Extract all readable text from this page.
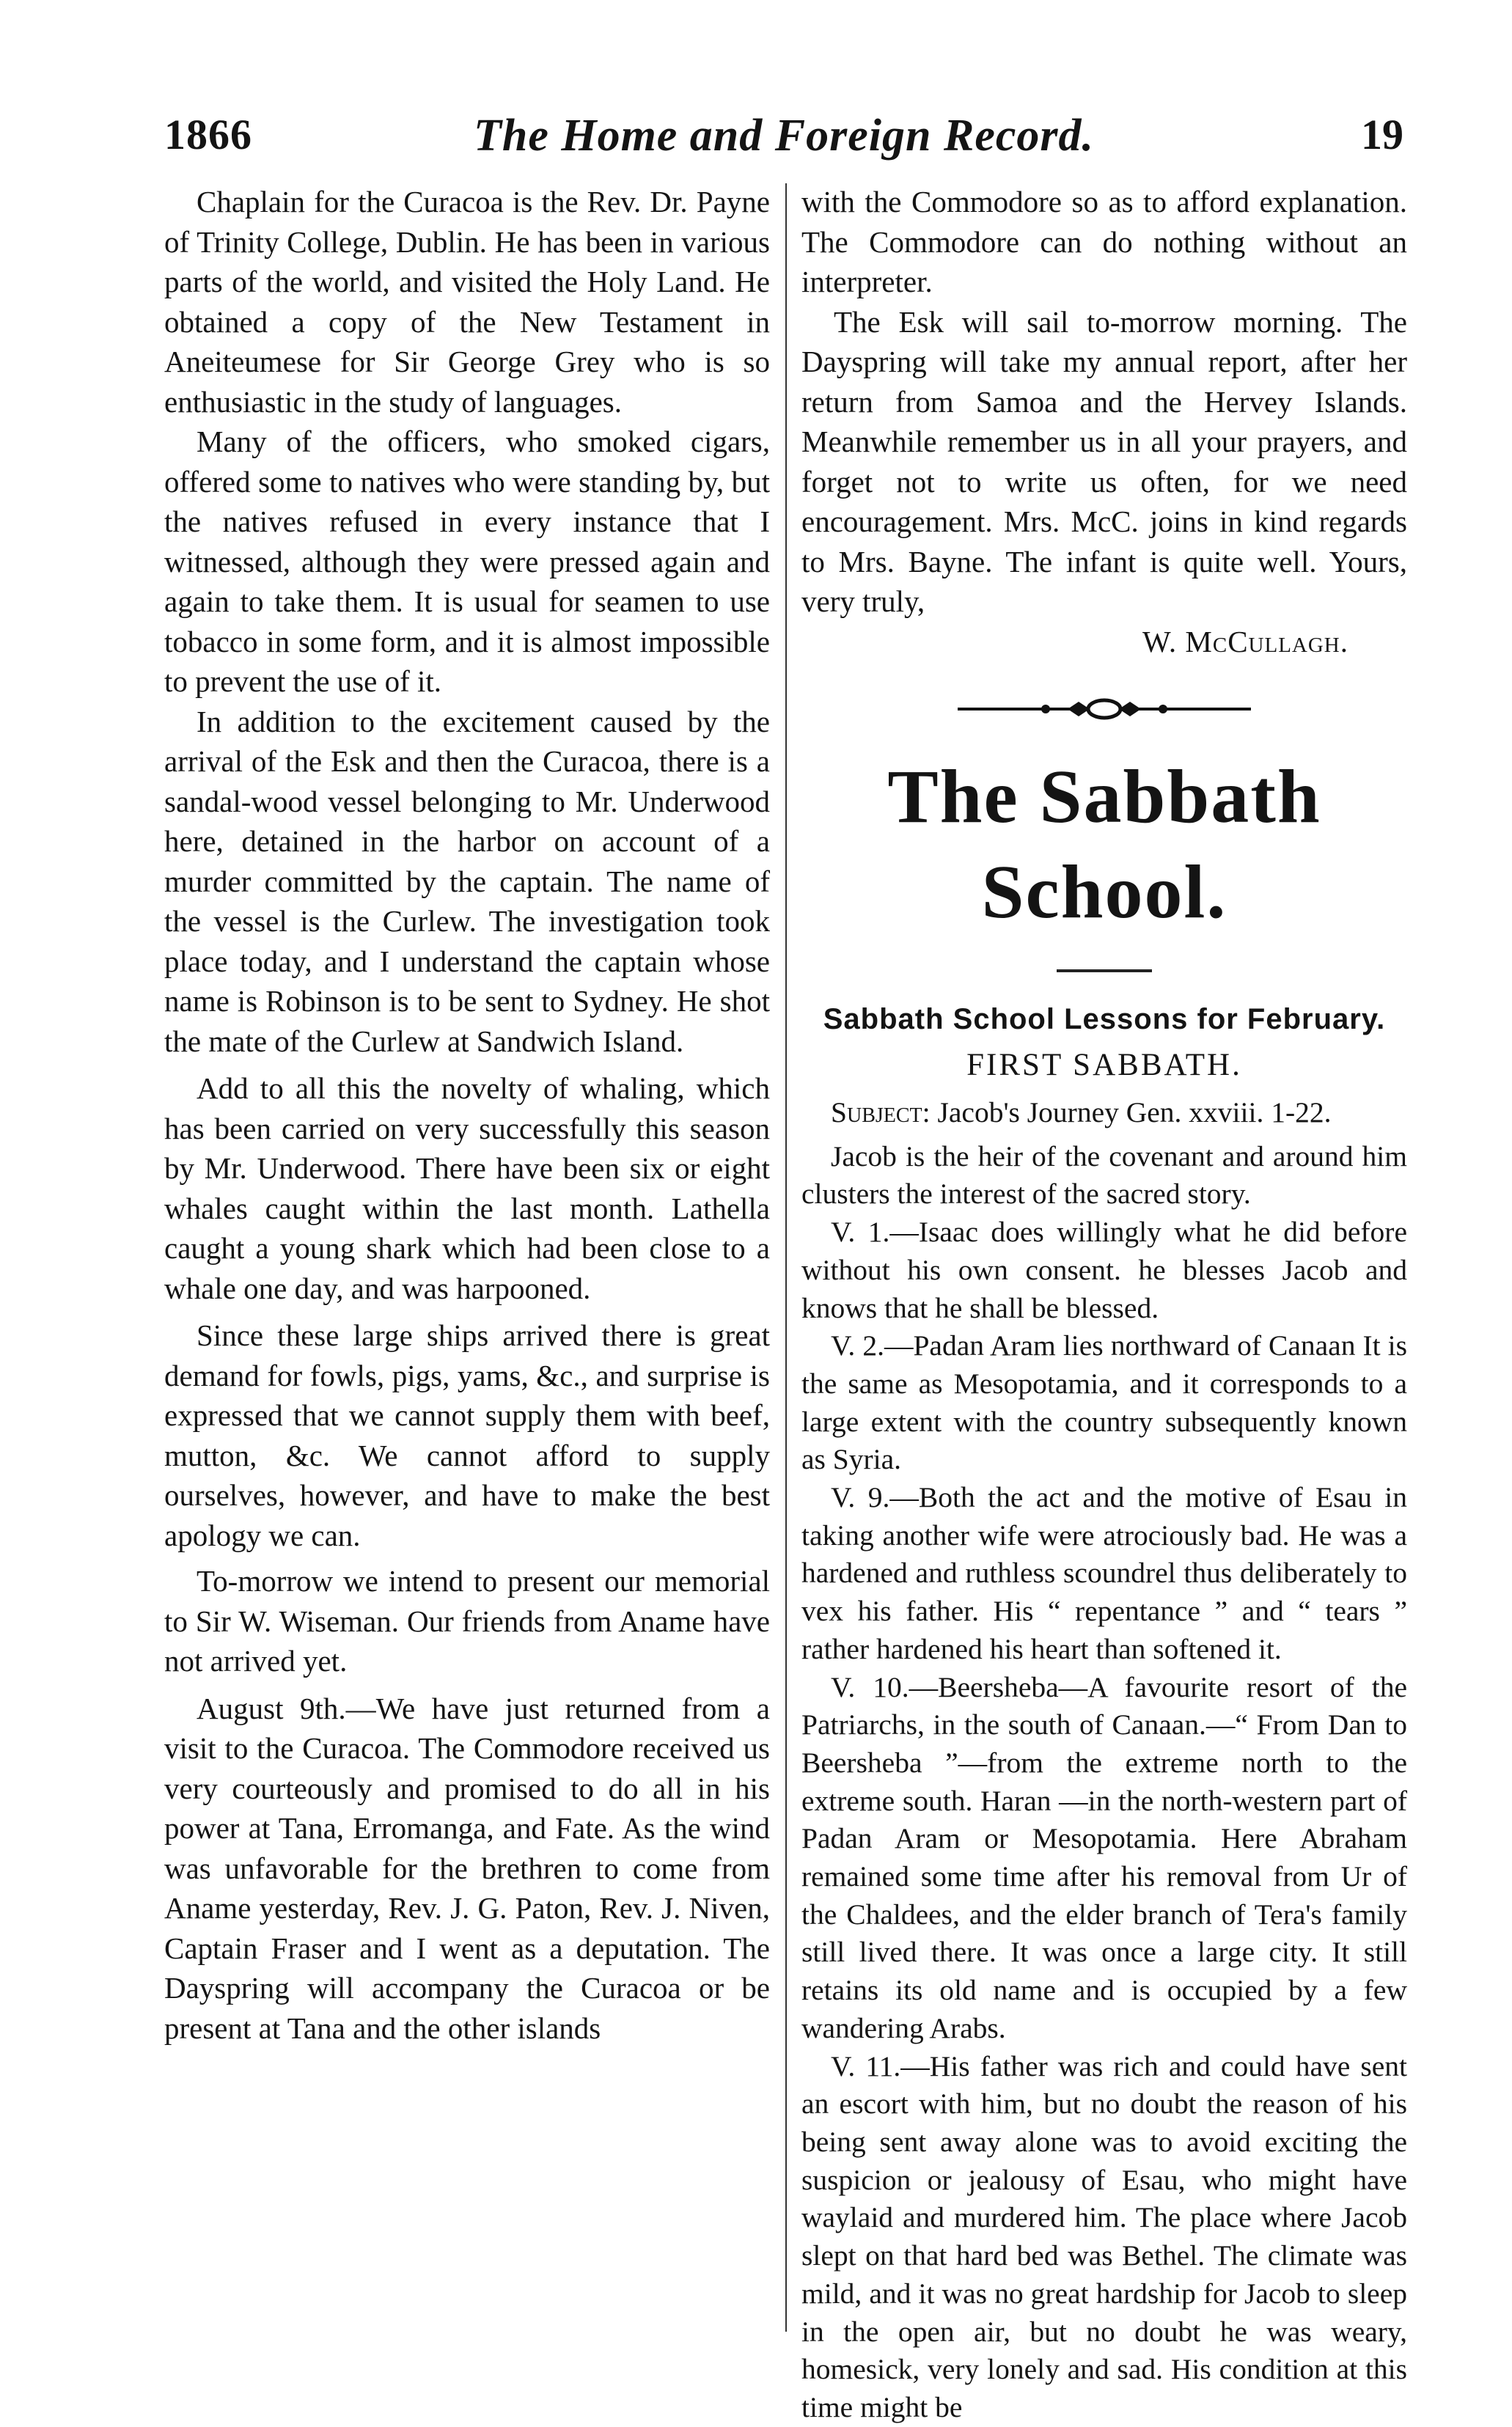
1866	The Home and Foreign Record.	19

Chaplain for the Curacoa is the Rev. Dr. Payne of Trinity College, Dublin. He has been in various parts of the world, and visited the Holy Land. He obtained a copy of the New Testament in Aneiteumese for Sir George Grey who is so enthusiastic in the study of languages.

Many of the officers, who smoked cigars, offered some to natives who were standing by, but the natives refused in every instance that I witnessed, although they were pressed again and again to take them. It is usual for seamen to use tobacco in some form, and it is almost impossible to prevent the use of it.

In addition to the excitement caused by the arrival of the Esk and then the Curacoa, there is a sandal-wood vessel belonging to Mr. Underwood here, detained in the harbor on account of a murder committed by the captain. The name of the vessel is the Curlew. The investigation took place today, and I understand the captain whose name is Robinson is to be sent to Sydney. He shot the mate of the Curlew at Sandwich Island.

Add to all this the novelty of whaling, which has been carried on very successfully this season by Mr. Underwood. There have been six or eight whales caught within the last month. Lathella caught a young shark which had been close to a whale one day, and was harpooned.

Since these large ships arrived there is great demand for fowls, pigs, yams, &c., and surprise is expressed that we cannot supply them with beef, mutton, &c. We cannot afford to supply ourselves, however, and have to make the best apology we can.

To-morrow we intend to present our memorial to Sir W. Wiseman. Our friends from Aname have not arrived yet.

August 9th.—We have just returned from a visit to the Curacoa. The Commodore received us very courteously and promised to do all in his power at Tana, Erromanga, and Fate. As the wind was unfavorable for the brethren to come from Aname yesterday, Rev. J. G. Paton, Rev. J. Niven, Captain Fraser and I went as a deputation. The Dayspring will accompany the Curacoa or be present at Tana and the other islands

with the Commodore so as to afford explanation. The Commodore can do nothing without an interpreter.

The Esk will sail to-morrow morning. The Dayspring will take my annual report, after her return from Samoa and the Hervey Islands. Meanwhile remember us in all your prayers, and forget not to write us often, for we need encouragement. Mrs. McC. joins in kind regards to Mrs. Bayne. The infant is quite well. Yours, very truly,

W. McCullagh.
The Sabbath School.
Sabbath School Lessons for February.
FIRST SABBATH.

Subject: Jacob's Journey Gen. xxviii. 1-22.

Jacob is the heir of the covenant and around him clusters the interest of the sacred story.

V. 1.—Isaac does willingly what he did before without his own consent. he blesses Jacob and knows that he shall be blessed.

V. 2.—Padan Aram lies northward of Canaan It is the same as Mesopotamia, and it corresponds to a large extent with the country subsequently known as Syria.

V. 9.—Both the act and the motive of Esau in taking another wife were atrociously bad. He was a hardened and ruthless scoundrel thus deliberately to vex his father. His “ repentance ” and “ tears ” rather hardened his heart than softened it.

V. 10.—Beersheba—A favourite resort of the Patriarchs, in the south of Canaan.—“ From Dan to Beersheba ”—from the extreme north to the extreme south. Haran —in the north-western part of Padan Aram or Mesopotamia. Here Abraham remained some time after his removal from Ur of the Chaldees, and the elder branch of Tera's family still lived there. It was once a large city. It still retains its old name and is occupied by a few wandering Arabs.

V. 11.—His father was rich and could have sent an escort with him, but no doubt the reason of his being sent away alone was to avoid exciting the suspicion or jealousy of Esau, who might have waylaid and murdered him. The place where Jacob slept on that hard bed was Bethel. The climate was mild, and it was no great hardship for Jacob to sleep in the open air, but no doubt he was weary, homesick, very lonely and sad. His condition at this time might be
